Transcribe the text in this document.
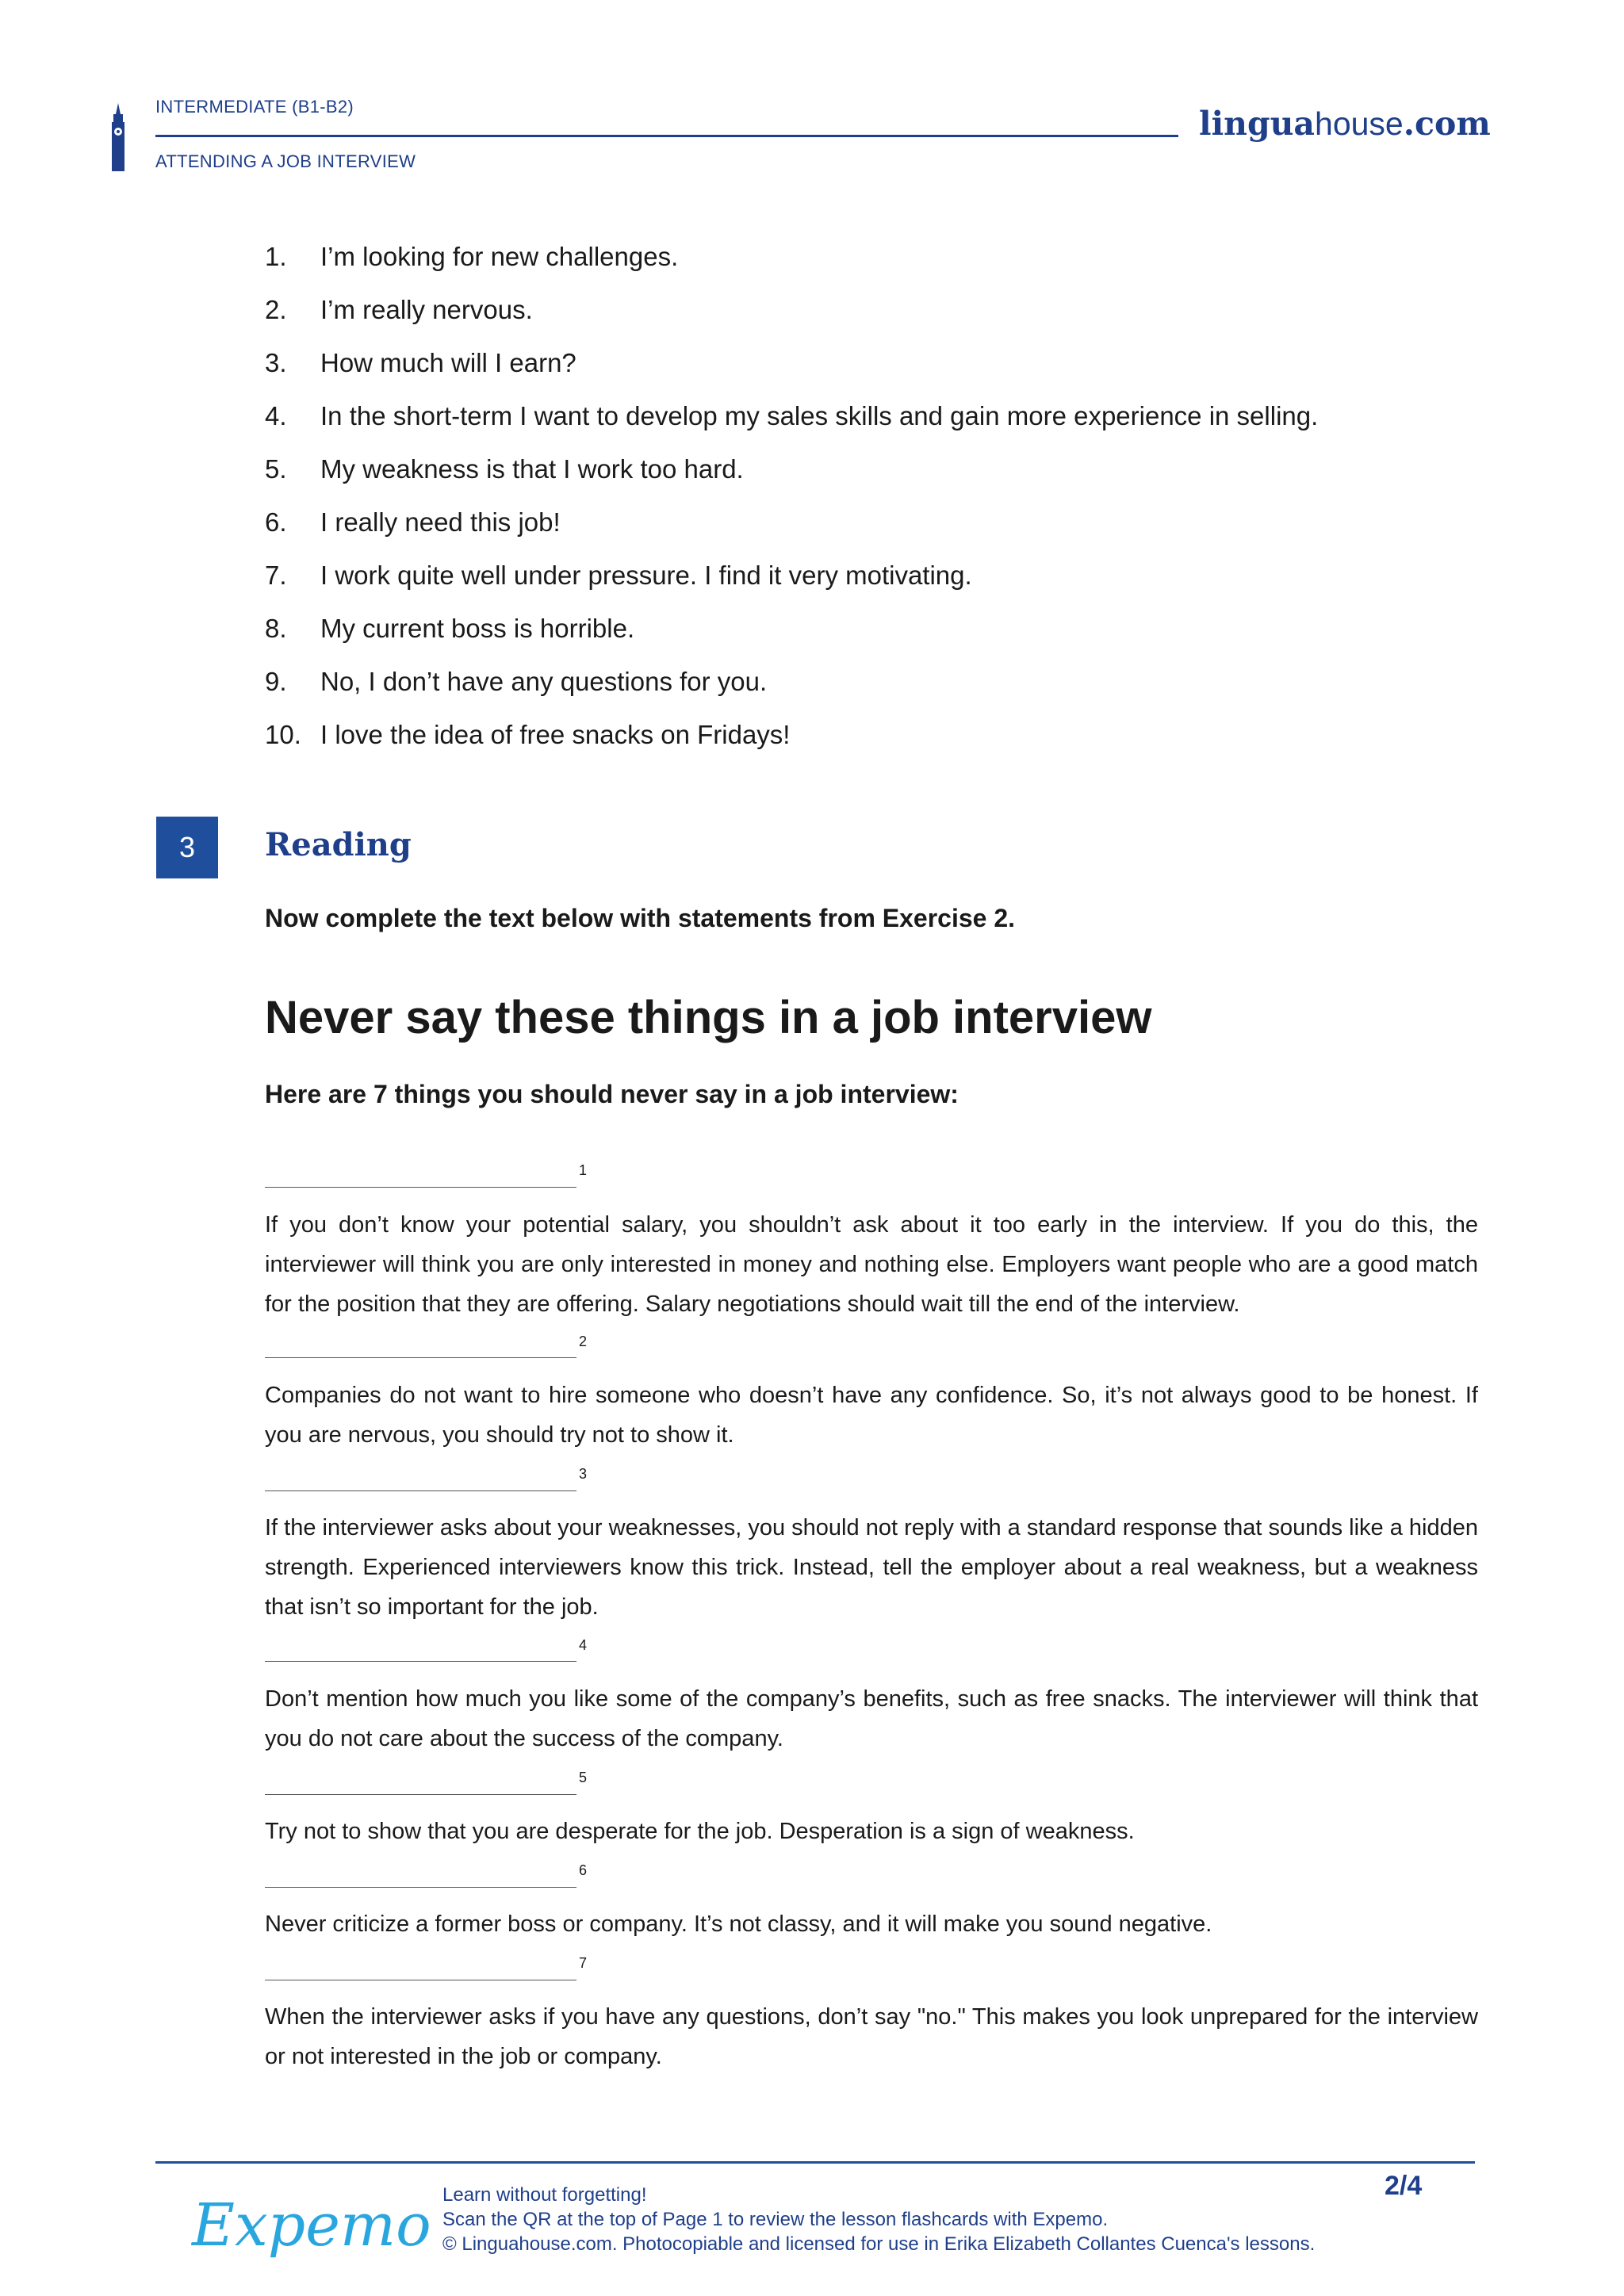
INTERMEDIATE (B1-B2)
ATTENDING A JOB INTERVIEW
linguahouse.com
1.	I’m looking for new challenges.
2.	I’m really nervous.
3.	How much will I earn?
4.	In the short-term I want to develop my sales skills and gain more experience in selling.
5.	My weakness is that I work too hard.
6.	I really need this job!
7.	I work quite well under pressure. I find it very motivating.
8.	My current boss is horrible.
9.	No, I don’t have any questions for you.
10. I love the idea of free snacks on Fridays!
3	Reading
Now complete the text below with statements from Exercise 2.
Never say these things in a job interview
Here are 7 things you should never say in a job interview:
1
If you don’t know your potential salary, you shouldn’t ask about it too early in the interview. If you do this, the interviewer will think you are only interested in money and nothing else. Employers want people who are a good match for the position that they are offering. Salary negotiations should wait till the end of the interview.
2
Companies do not want to hire someone who doesn’t have any confidence. So, it’s not always good to be honest. If you are nervous, you should try not to show it.
3
If the interviewer asks about your weaknesses, you should not reply with a standard response that sounds like a hidden strength. Experienced interviewers know this trick. Instead, tell the employer about a real weakness, but a weakness that isn’t so important for the job.
4
Don’t mention how much you like some of the company’s benefits, such as free snacks. The interviewer will think that you do not care about the success of the company.
5
Try not to show that you are desperate for the job. Desperation is a sign of weakness.
6
Never criticize a former boss or company. It’s not classy, and it will make you sound negative.
7
When the interviewer asks if you have any questions, don’t say "no." This makes you look unprepared for the interview or not interested in the job or company.
Expemo Learn without forgetting!
Scan the QR at the top of Page 1 to review the lesson flashcards with Expemo.
© Linguahouse.com. Photocopiable and licensed for use in Erika Elizabeth Collantes Cuenca's lessons.
2/4
